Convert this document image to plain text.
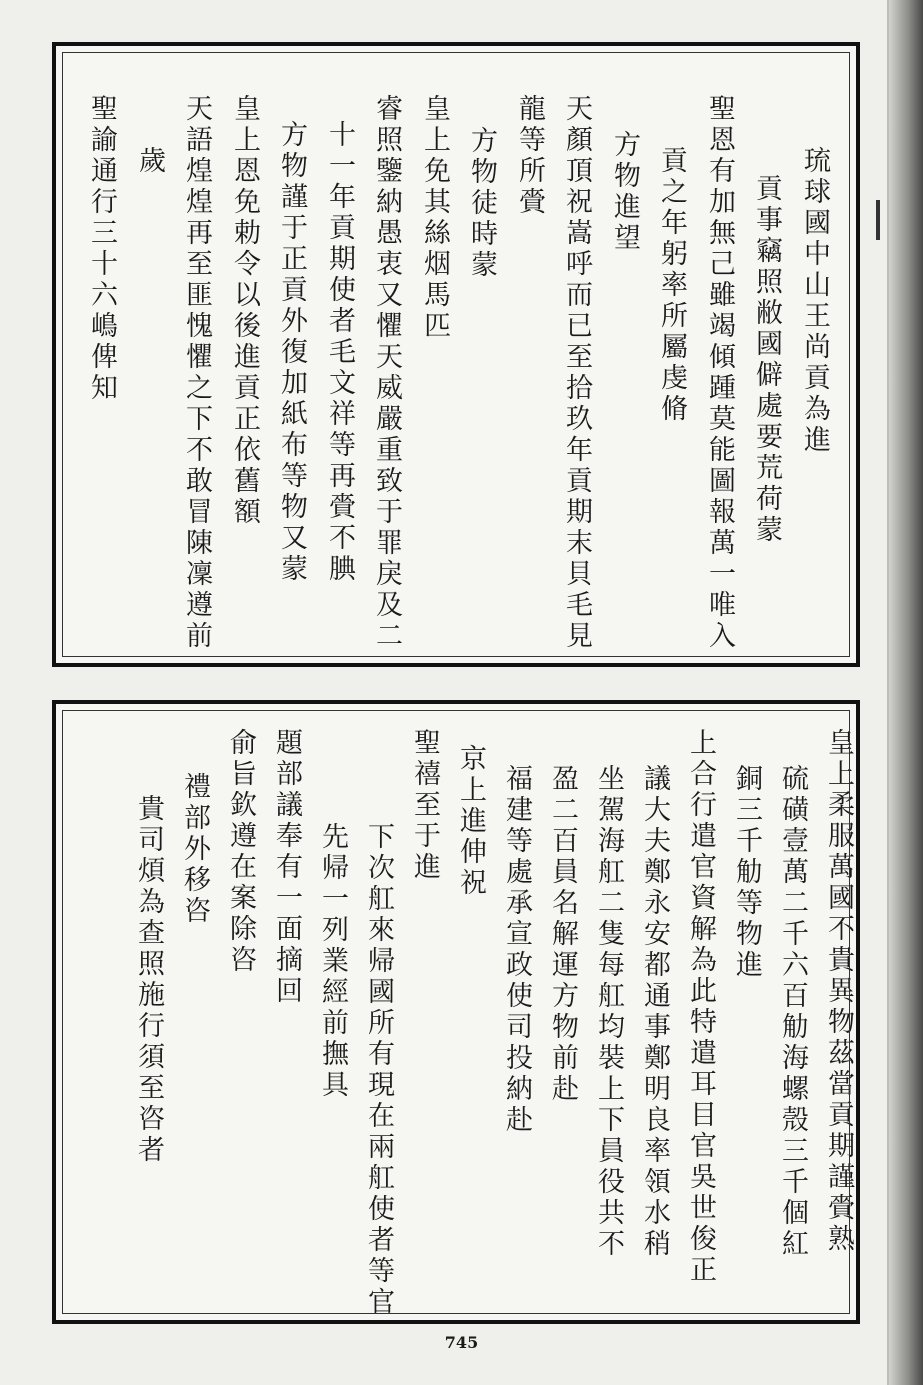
琉球國中山王尚貢為進
貢事竊照敝國僻處要荒荷蒙
聖恩有加無己雖竭傾踵莫能圖報萬一唯入
貢之年躬率所屬虔脩
方物進望
天顏頂祝嵩呼而已至拾玖年貢期末貝毛見
龍等所賫
方物徒時蒙
皇上免其絲烟馬匹
睿照鑒納愚衷又懼天威嚴重致于罪戾及二
十一年貢期使者毛文祥等再賫不腆
方物謹于正貢外復加紙布等物又蒙
皇上恩免勅令以後進貢正依舊額
天語煌煌再至匪愧懼之下不敢冒陳凜遵前
歲
聖諭通行三十六嶋俾知
皇上柔服萬國不貴異物茲當貢期謹賫熟
硫磺壹萬二千六百觔海螺殼三千個紅
銅三千觔等物進
上合行遣官資解為此特遣耳目官吳世俊正
議大夫鄭永安都通事鄭明良率領水稍
坐駕海舡二隻每舡均裝上下員役共不
盈二百員名解運方物前赴
福建等處承宣政使司投納赴
京上進伸祝
聖禧至于進
下次舡來帰國所有現在兩舡使者等官
先帰一列業經前撫具
題部議奉有一面摘回
俞旨欽遵在案除咨
禮部外移咨
貴司煩為查照施行須至咨者
745
